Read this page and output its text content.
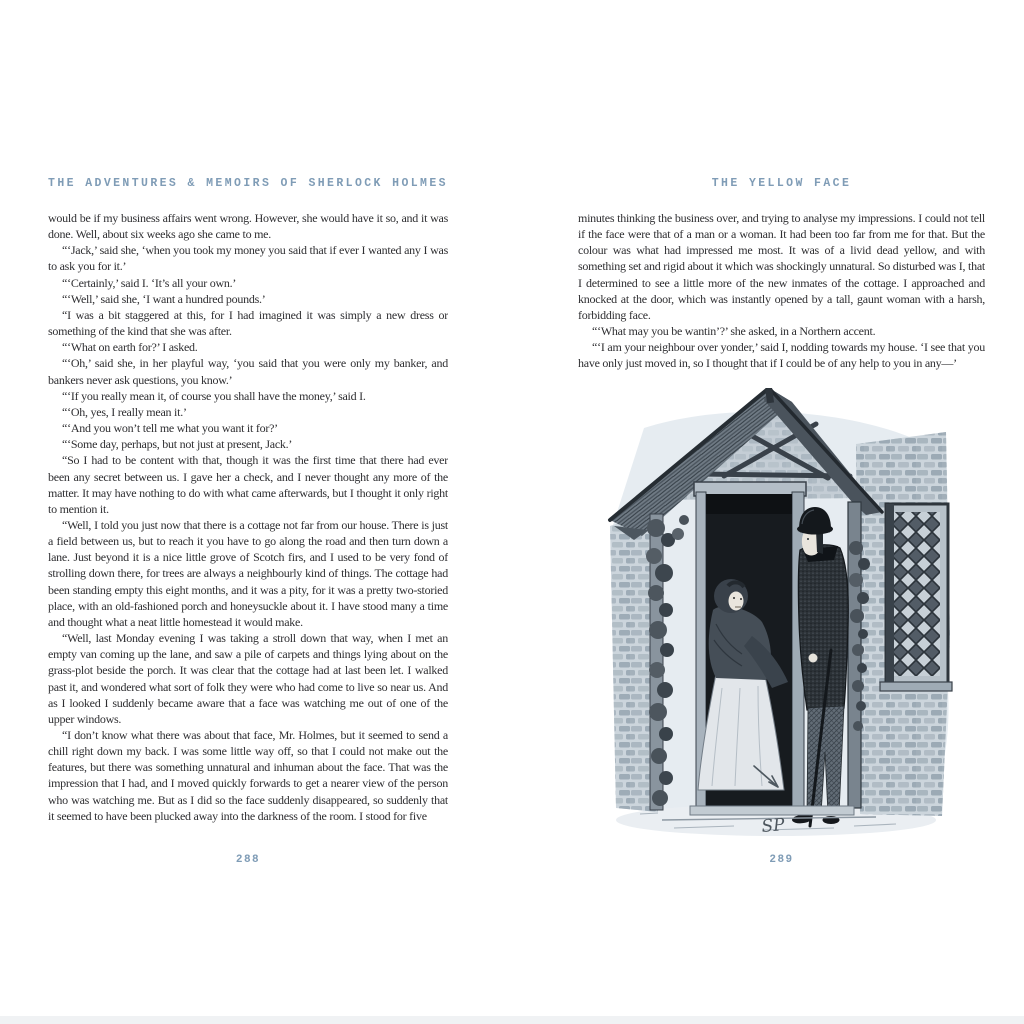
THE ADVENTURES & MEMOIRS OF SHERLOCK HOLMES

would be if my business affairs went wrong. However, she would have it so, and it was done. Well, about six weeks ago she came to me.

“‘Jack,’ said she, ‘when you took my money you said that if ever I wanted any I was to ask you for it.’

“‘Certainly,’ said I. ‘It’s all your own.’

“‘Well,’ said she, ‘I want a hundred pounds.’

“I was a bit staggered at this, for I had imagined it was simply a new dress or something of the kind that she was after.

“‘What on earth for?’ I asked.

“‘Oh,’ said she, in her playful way, ‘you said that you were only my banker, and bankers never ask questions, you know.’

“‘If you really mean it, of course you shall have the money,’ said I.

“‘Oh, yes, I really mean it.’

“‘And you won’t tell me what you want it for?’

“‘Some day, perhaps, but not just at present, Jack.’

“So I had to be content with that, though it was the first time that there had ever been any secret between us. I gave her a check, and I never thought any more of the matter. It may have nothing to do with what came afterwards, but I thought it only right to mention it.

“Well, I told you just now that there is a cottage not far from our house. There is just a field between us, but to reach it you have to go along the road and then turn down a lane. Just beyond it is a nice little grove of Scotch firs, and I used to be very fond of strolling down there, for trees are always a neighbourly kind of things. The cottage had been standing empty this eight months, and it was a pity, for it was a pretty two-storied place, with an old-fashioned porch and honeysuckle about it. I have stood many a time and thought what a neat little homestead it would make.

“Well, last Monday evening I was taking a stroll down that way, when I met an empty van coming up the lane, and saw a pile of carpets and things lying about on the grass-plot beside the porch. It was clear that the cottage had at last been let. I walked past it, and wondered what sort of folk they were who had come to live so near us. And as I looked I suddenly became aware that a face was watching me out of one of the upper windows.

“I don’t know what there was about that face, Mr. Holmes, but it seemed to send a chill right down my back. I was some little way off, so that I could not make out the features, but there was something unnatural and inhuman about the face. That was the impression that I had, and I moved quickly forwards to get a nearer view of the person who was watching me. But as I did so the face suddenly disappeared, so suddenly that it seemed to have been plucked away into the darkness of the room. I stood for five

288
THE YELLOW FACE

minutes thinking the business over, and trying to analyse my impressions. I could not tell if the face were that of a man or a woman. It had been too far from me for that. But the colour was what had impressed me most. It was of a livid dead yellow, and with something set and rigid about it which was shockingly unnatural. So disturbed was I, that I determined to see a little more of the new inmates of the cottage. I approached and knocked at the door, which was instantly opened by a tall, gaunt woman with a harsh, forbidding face.

“‘What may you be wantin’?’ she asked, in a Northern accent.

“‘I am your neighbour over yonder,’ said I, nodding towards my house. ‘I see that you have only just moved in, so I thought that if I could be of any help to you in any—’

SP
289
